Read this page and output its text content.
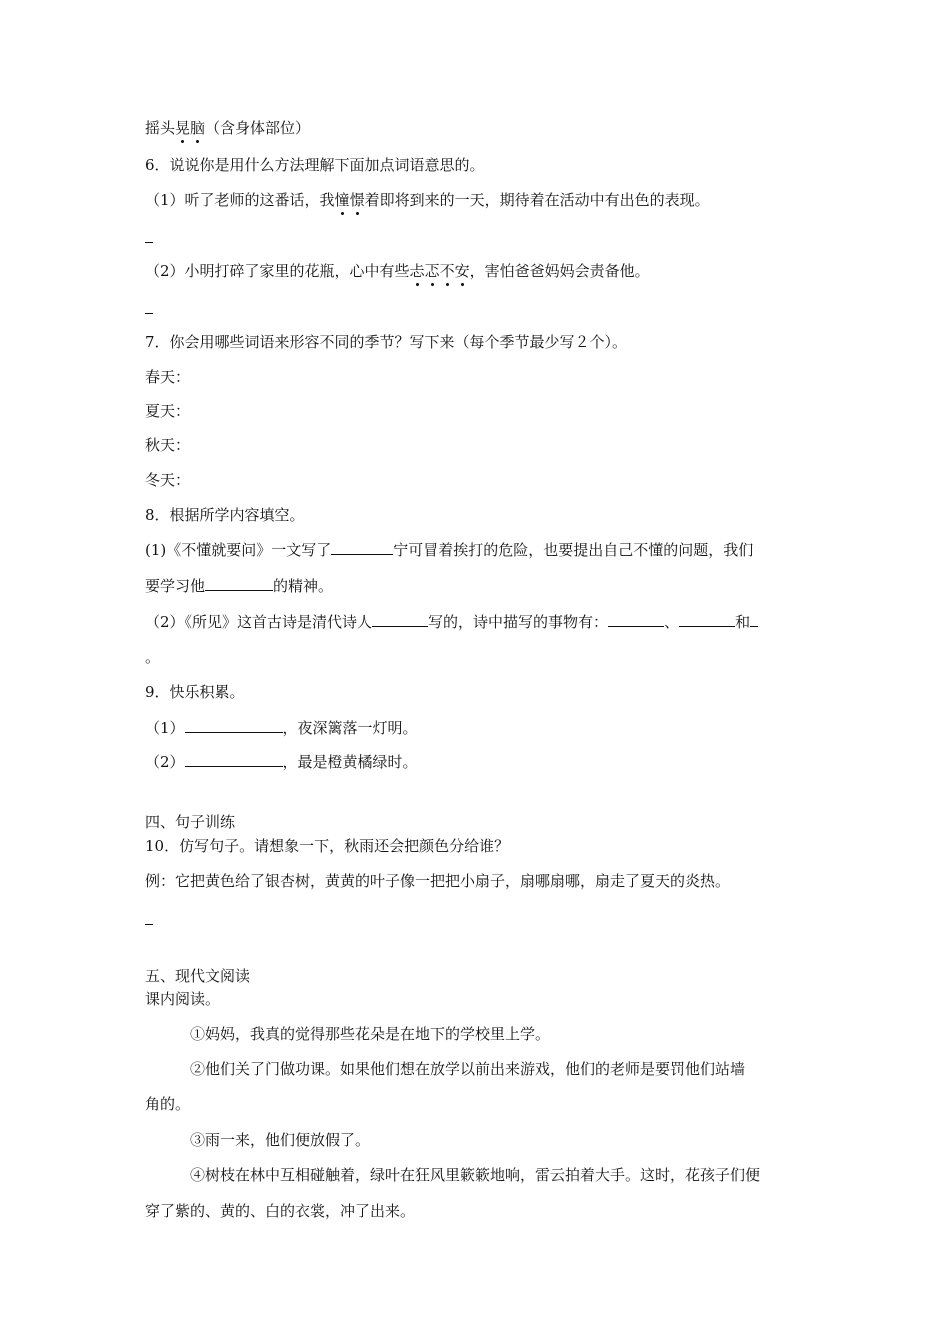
摇头晃脑（含身体部位）
6．说说你是用什么方法理解下面加点词语意思的。
（1）听了老师的这番话，我憧憬着即将到来的一天，期待着在活动中有出色的表现。
（2）小明打碎了家里的花瓶，心中有些忐忑不安，害怕爸爸妈妈会责备他。
7．你会用哪些词语来形容不同的季节？写下来（每个季节最少写２个）。
春天：
夏天：
秋天：
冬天：
8．根据所学内容填空。
(1)《不懂就要问》一文写了	宁可冒着挨打的危险，也要提出自己不懂的问题，我们
要学习他	的精神。
（2）《所见》这首古诗是清代诗人	写的，诗中描写的事物有：	、	和
。
9．快乐积累。
（1）	，夜深篱落一灯明。
（2）	，最是橙黄橘绿时。
四、句子训练
10．仿写句子。请想象一下，秋雨还会把颜色分给谁？
例：它把黄色给了银杏树，黄黄的叶子像一把把小扇子，扇哪扇哪，扇走了夏天的炎热。
五、现代文阅读
课内阅读。
①妈妈，我真的觉得那些花朵是在地下的学校里上学。
②他们关了门做功课。如果他们想在放学以前出来游戏，他们的老师是要罚他们站墙
角的。
③雨一来，他们便放假了。
④树枝在林中互相碰触着，绿叶在狂风里簌簌地响，雷云拍着大手。这时，花孩子们便
穿了紫的、黄的、白的衣裳，冲了出来。
